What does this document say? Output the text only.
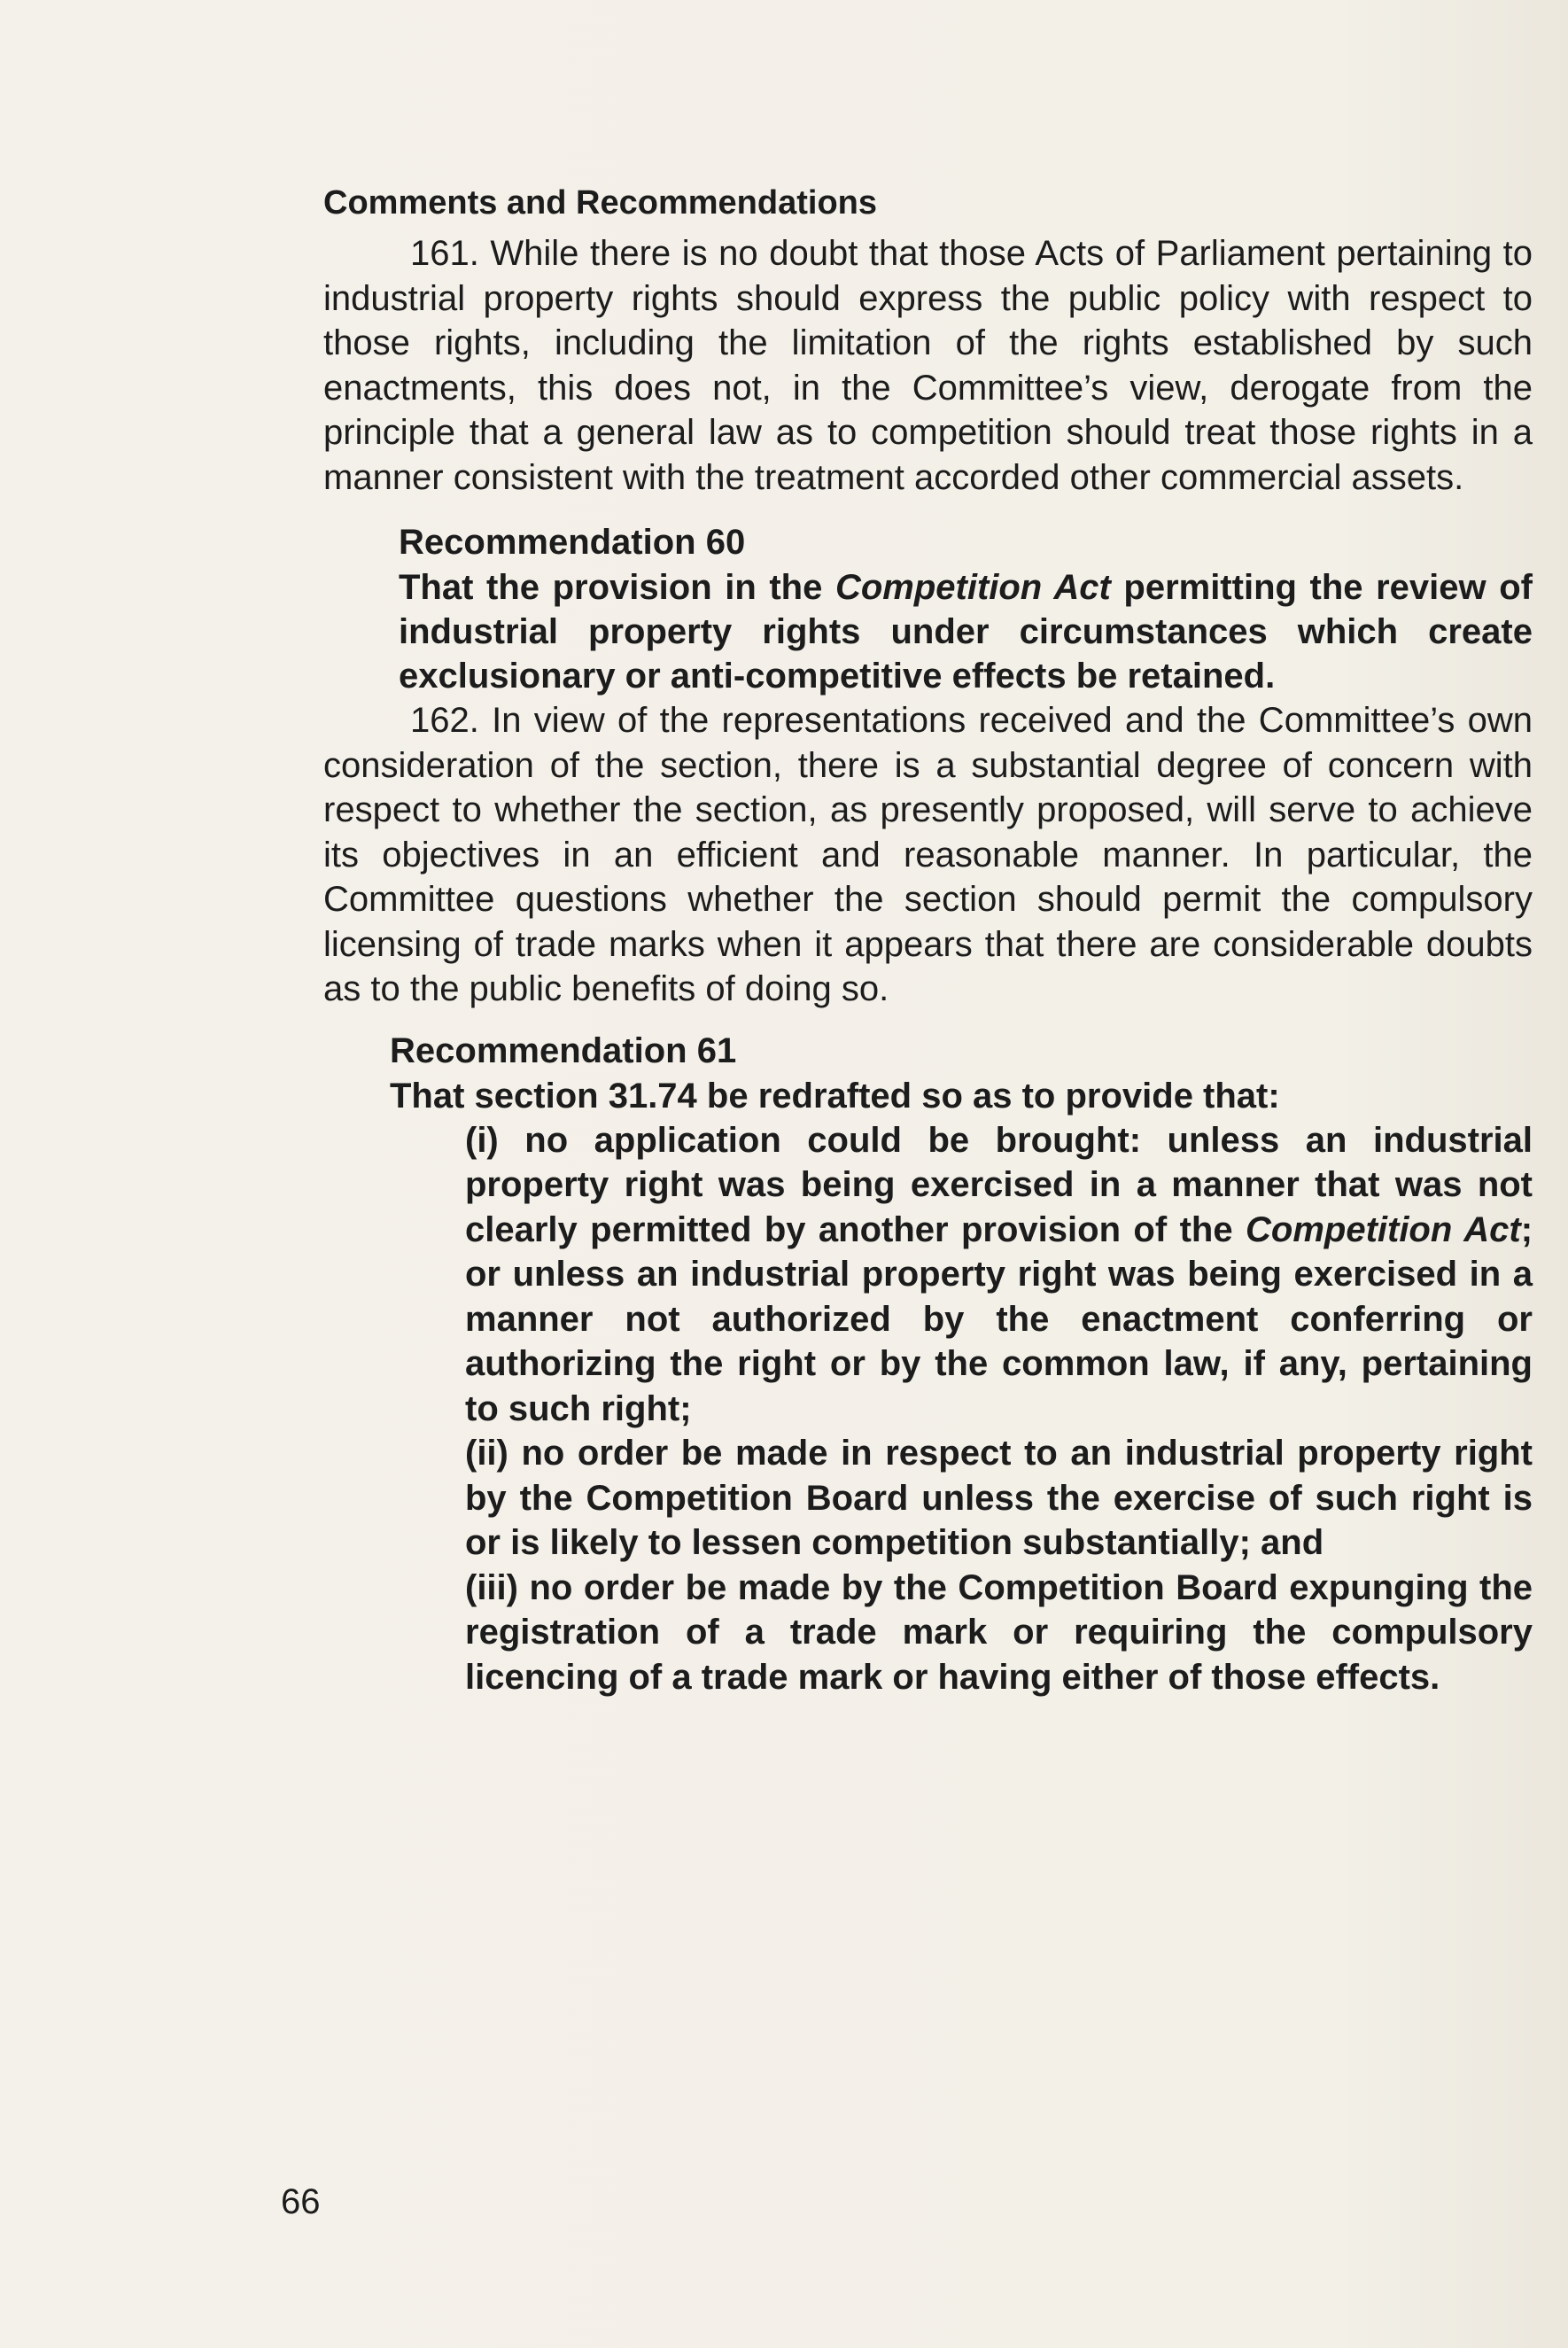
Comments and Recommendations

161. While there is no doubt that those Acts of Parliament pertaining to industrial property rights should express the public policy with respect to those rights, including the limitation of the rights established by such enactments, this does not, in the Committee’s view, derogate from the principle that a general law as to competition should treat those rights in a manner consistent with the treatment accorded other commercial assets.

Recommendation 60

That the provision in the Competition Act permitting the review of industrial property rights under circumstances which create exclusionary or anti-competitive effects be retained.

162. In view of the representations received and the Committee’s own consideration of the section, there is a substantial degree of concern with respect to whether the section, as presently proposed, will serve to achieve its objectives in an efficient and reasonable manner. In particular, the Committee questions whether the section should permit the compulsory licensing of trade marks when it appears that there are considerable doubts as to the public benefits of doing so.

Recommendation 61
That section 31.74 be redrafted so as to provide that:
(i) no application could be brought: unless an industrial property right was being exercised in a manner that was not clearly permitted by another provision of the Competition Act; or unless an industrial property right was being exercised in a manner not authorized by the enactment conferring or authorizing the right or by the common law, if any, pertaining to such right;
(ii) no order be made in respect to an industrial property right by the Competition Board unless the exercise of such right is or is likely to lessen competition substantially; and
(iii) no order be made by the Competition Board expunging the registration of a trade mark or requiring the compulsory licencing of a trade mark or having either of those effects.
66
